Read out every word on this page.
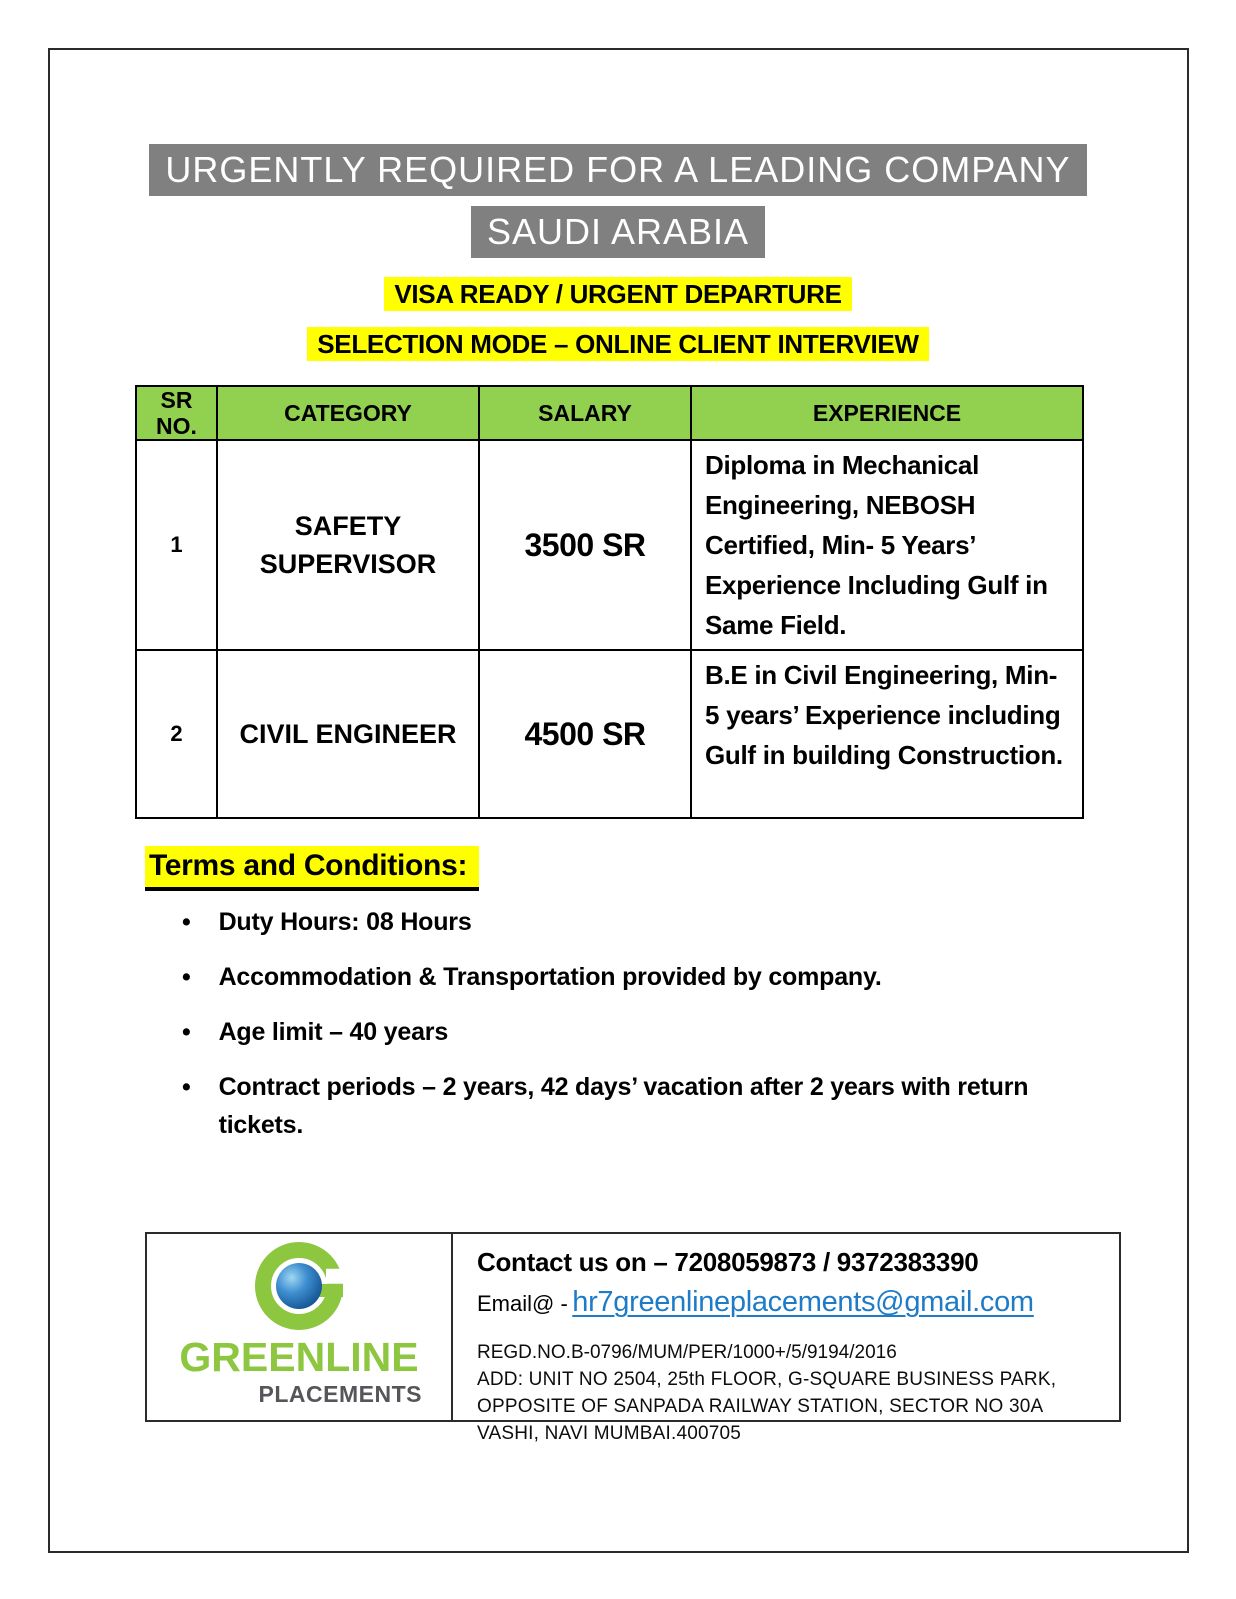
URGENTLY REQUIRED FOR A LEADING COMPANY
SAUDI ARABIA
VISA READY / URGENT DEPARTURE
SELECTION MODE – ONLINE CLIENT INTERVIEW
SR NO.	CATEGORY	SALARY	EXPERIENCE
1	SAFETY SUPERVISOR	3500 SR	Diploma in Mechanical Engineering, NEBOSH Certified, Min- 5 Years’ Experience Including Gulf in Same Field.
2	CIVIL ENGINEER	4500 SR	B.E in Civil Engineering, Min- 5 years’ Experience including Gulf in building Construction.
Terms and Conditions:
• Duty Hours: 08 Hours
• Accommodation & Transportation provided by company.
• Age limit – 40 years
• Contract periods – 2 years, 42 days’ vacation after 2 years with return tickets.
GREENLINE
PLACEMENTS
Contact us on – 7208059873 / 9372383390
Email@ - hr7greenlineplacements@gmail.com
REGD.NO.B-0796/MUM/PER/1000+/5/9194/2016
ADD: UNIT NO 2504, 25th FLOOR, G-SQUARE BUSINESS PARK, OPPOSITE OF SANPADA RAILWAY STATION, SECTOR NO 30A VASHI, NAVI MUMBAI.400705
